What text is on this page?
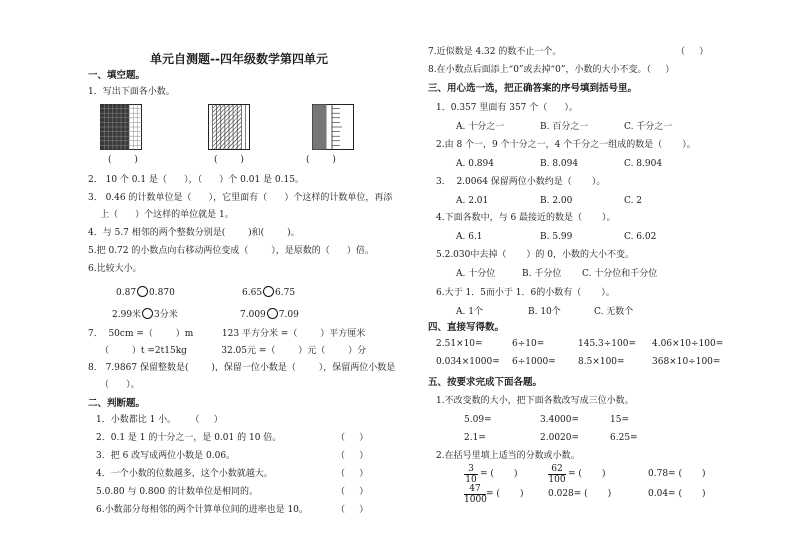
单元自测题--四年级数学第四单元
一、填空题。
1．写出下面各小数。
(        )	(        )	(        )
2． 10 个 0.1 是（      ），（      ）个 0.01 是 0.15。
3． 0.46 的计数单位是（      ），它里面有（      ）个这样的计数单位，再添
上（      ）个这样的单位就是 1。
4．与 5.7 相邻的两个整数分别是(        )和(        )。
5.把 0.72 的小数点向右移动两位变成（        ），是原数的（      ）倍。
6.比较大小。
0.87 0.870	6.65 6.75
2.99米 3分米	7.009 7.09
7．  50cm =（        ）m          123 平方分米 =（        ）平方厘米
（        ）t =2t15kg            32.05元 =（        ）元（        ）分
8． 7.9867 保留整数是(        )，保留一位小数是（        ），保留两位小数是
（      ）。
二、判断题。
1．小数都比 1 小。     （     ）
2．0.1 是 1 的十分之一，是 0.01 的 10 倍。	（     ）
3．把 6 改写成两位小数是 0.06。	（     ）
4．一个小数的位数越多，这个小数就越大。	（     ）
5.0.80 与 0.800 的计数单位是相同的。	（     ）
6.小数部分每相邻的两个计算单位间的进率也是 10。	（     ）
7.近似数是 4.32 的数不止一个。	（     ）
8.在小数点后面添上“0”或去掉“0”，小数的大小不变。（     ）
三、用心选一选，把正确答案的序号填到括号里。
1．0.357 里面有 357 个（      ）。
A. 十分之一	B. 百分之一	C. 千分之一
2.由 8 个一，9 个十分之一，4 个千分之一组成的数是（       ）。
A. 0.894	B. 8.094	C. 8.904
3．  2.0064 保留两位小数约是（       ）。
A. 2.01	B. 2.00	C. 2
4.下面各数中，与 6 最接近的数是（       ）。
A. 6.1	B. 5.99	C. 6.02
5.2.030中去掉（       ）的 0，小数的大小不变。
A. 十分位	B. 千分位 C. 十分位和千分位
6.大于 1．5而小于 1．6的小数有（       ）。
A. 1个	B. 10个	C. 无数个
四、直接写得数。
2.51×10=	6÷10=	145.3÷100= 4.06×10÷100=
0.034×1000= 6÷1000= 8.5×100=	368×10÷100=
五、按要求完成下面各题。
1.不改变数的大小，把下面各数改写成三位小数。
5.09=	3.4000=	15=
2.1=	2.0020=	6.25=
2.在括号里填上适当的分数或小数。
$\frac{3}{10}$ = (       )	$\frac{62}{100}$ = (       )	0.78= (       )
$\frac{47}{1000}$ = (       )	0.028= (       )	0.04= (       )
